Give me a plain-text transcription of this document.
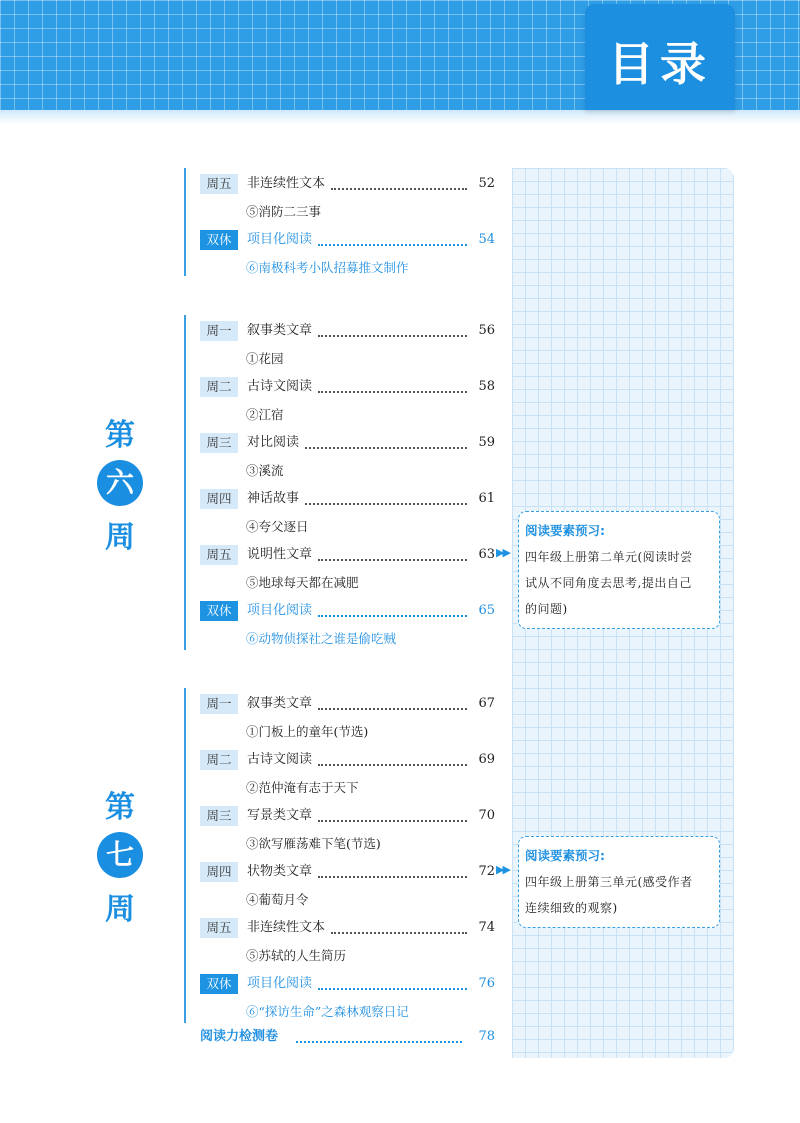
目录
第
六
周
第
七
周
周五	非连续性文本	52
⑤消防二三事
双休	项目化阅读	54
⑥南极科考小队招募推文制作
周一	叙事类文章	56
①花园
周二	古诗文阅读	58
②江宿
周三	对比阅读	59
③溪流
周四	神话故事	61
④夸父逐日
周五	说明性文章	63
⑤地球每天都在减肥
双休	项目化阅读	65
⑥动物侦探社之谁是偷吃贼
周一	叙事类文章	67
①门板上的童年(节选)
周二	古诗文阅读	69
②范仲淹有志于天下
周三	写景类文章	70
③欲写雁荡难下笔(节选)
周四	状物类文章	72
④葡萄月令
周五	非连续性文本	74
⑤苏轼的人生简历
双休	项目化阅读	76
⑥“探访生命”之森林观察日记
阅读力检测卷	78
阅读要素预习:
四年级上册第二单元(阅读时尝
试从不同角度去思考,提出自己
的问题)
阅读要素预习:
四年级上册第三单元(感受作者
连续细致的观察)
▶▶
▶▶
